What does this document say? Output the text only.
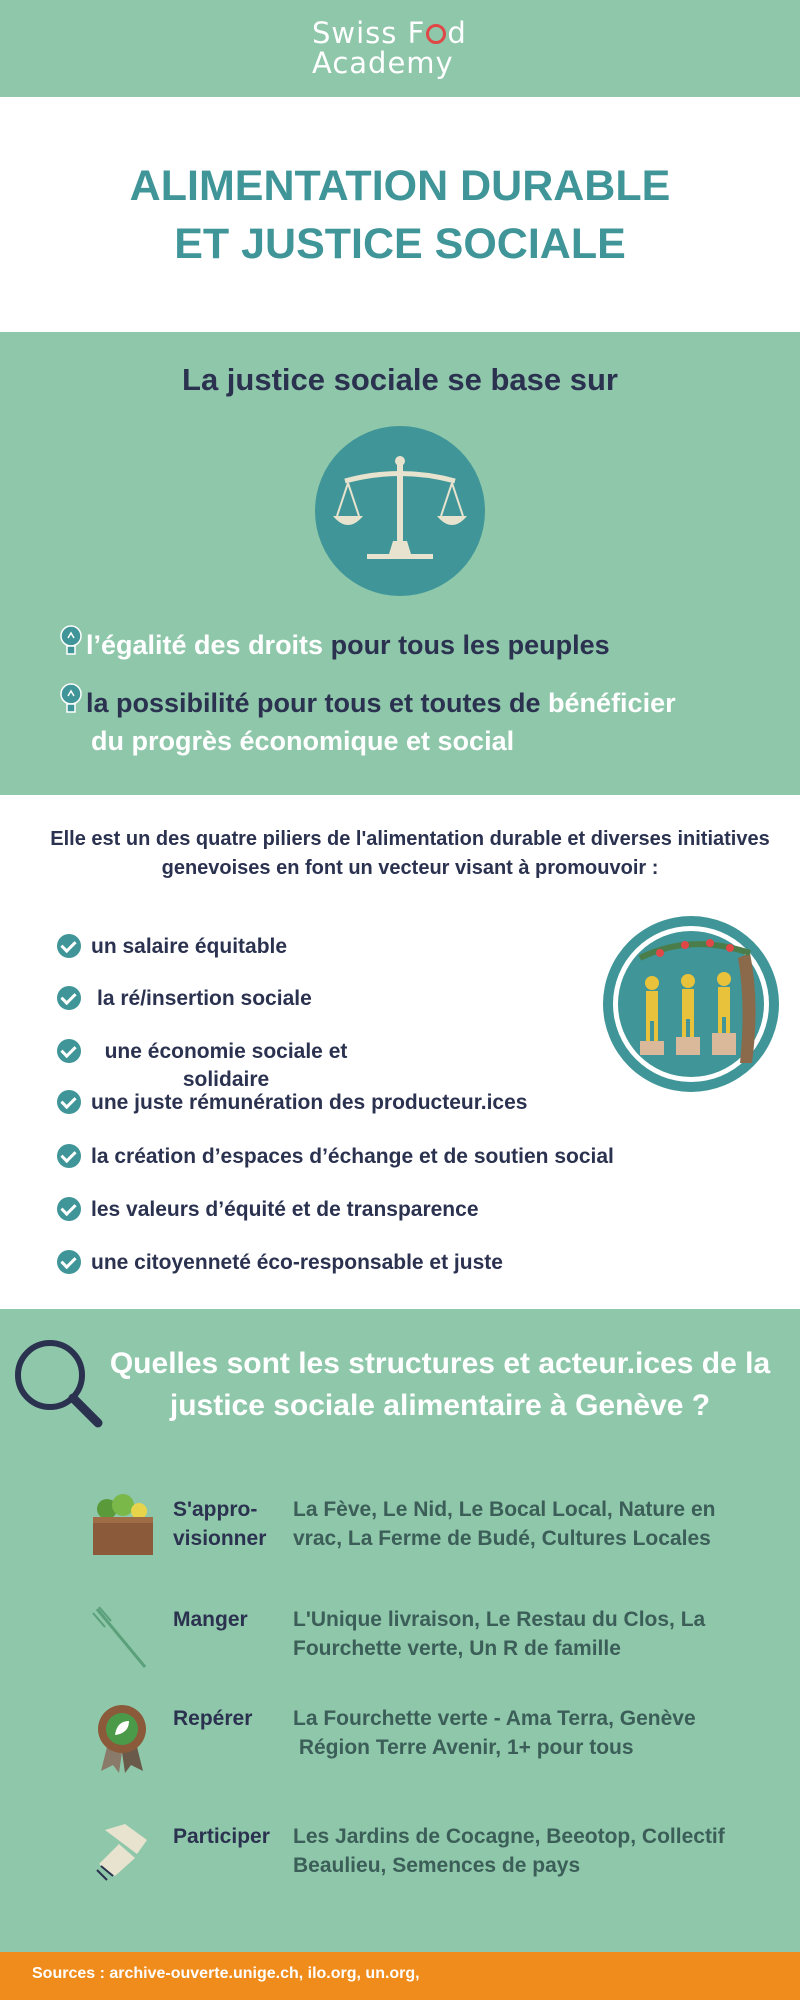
Swiss F d
Academy
ALIMENTATION DURABLE
ET JUSTICE SOCIALE
La justice sociale se base sur
l’égalité des droits pour tous les peuples
la possibilité pour tous et toutes de bénéficier
du progrès économique et social
Elle est un des quatre piliers de l'alimentation durable et diverses initiatives genevoises en font un vecteur visant à promouvoir :
un salaire équitable
la ré/insertion sociale
une économie sociale et
solidaire
une juste rémunération des producteur.ices
la création d’espaces d’échange et de soutien social
les valeurs d’équité et de transparence
une citoyenneté éco-responsable et juste
Quelles sont les structures et acteur.ices de la justice sociale alimentaire à Genève ?
S'appro-
visionner
La Fève, Le Nid, Le Bocal Local, Nature en
vrac, La Ferme de Budé, Cultures Locales
Manger L'Unique livraison, Le Restau du Clos, La
Fourchette verte, Un R de famille
Repérer La Fourchette verte - Ama Terra, Genève
Région Terre Avenir, 1+ pour tous
Participer Les Jardins de Cocagne, Beeotop, Collectif
Beaulieu, Semences de pays
Sources : archive-ouverte.unige.ch, ilo.org, un.org,
